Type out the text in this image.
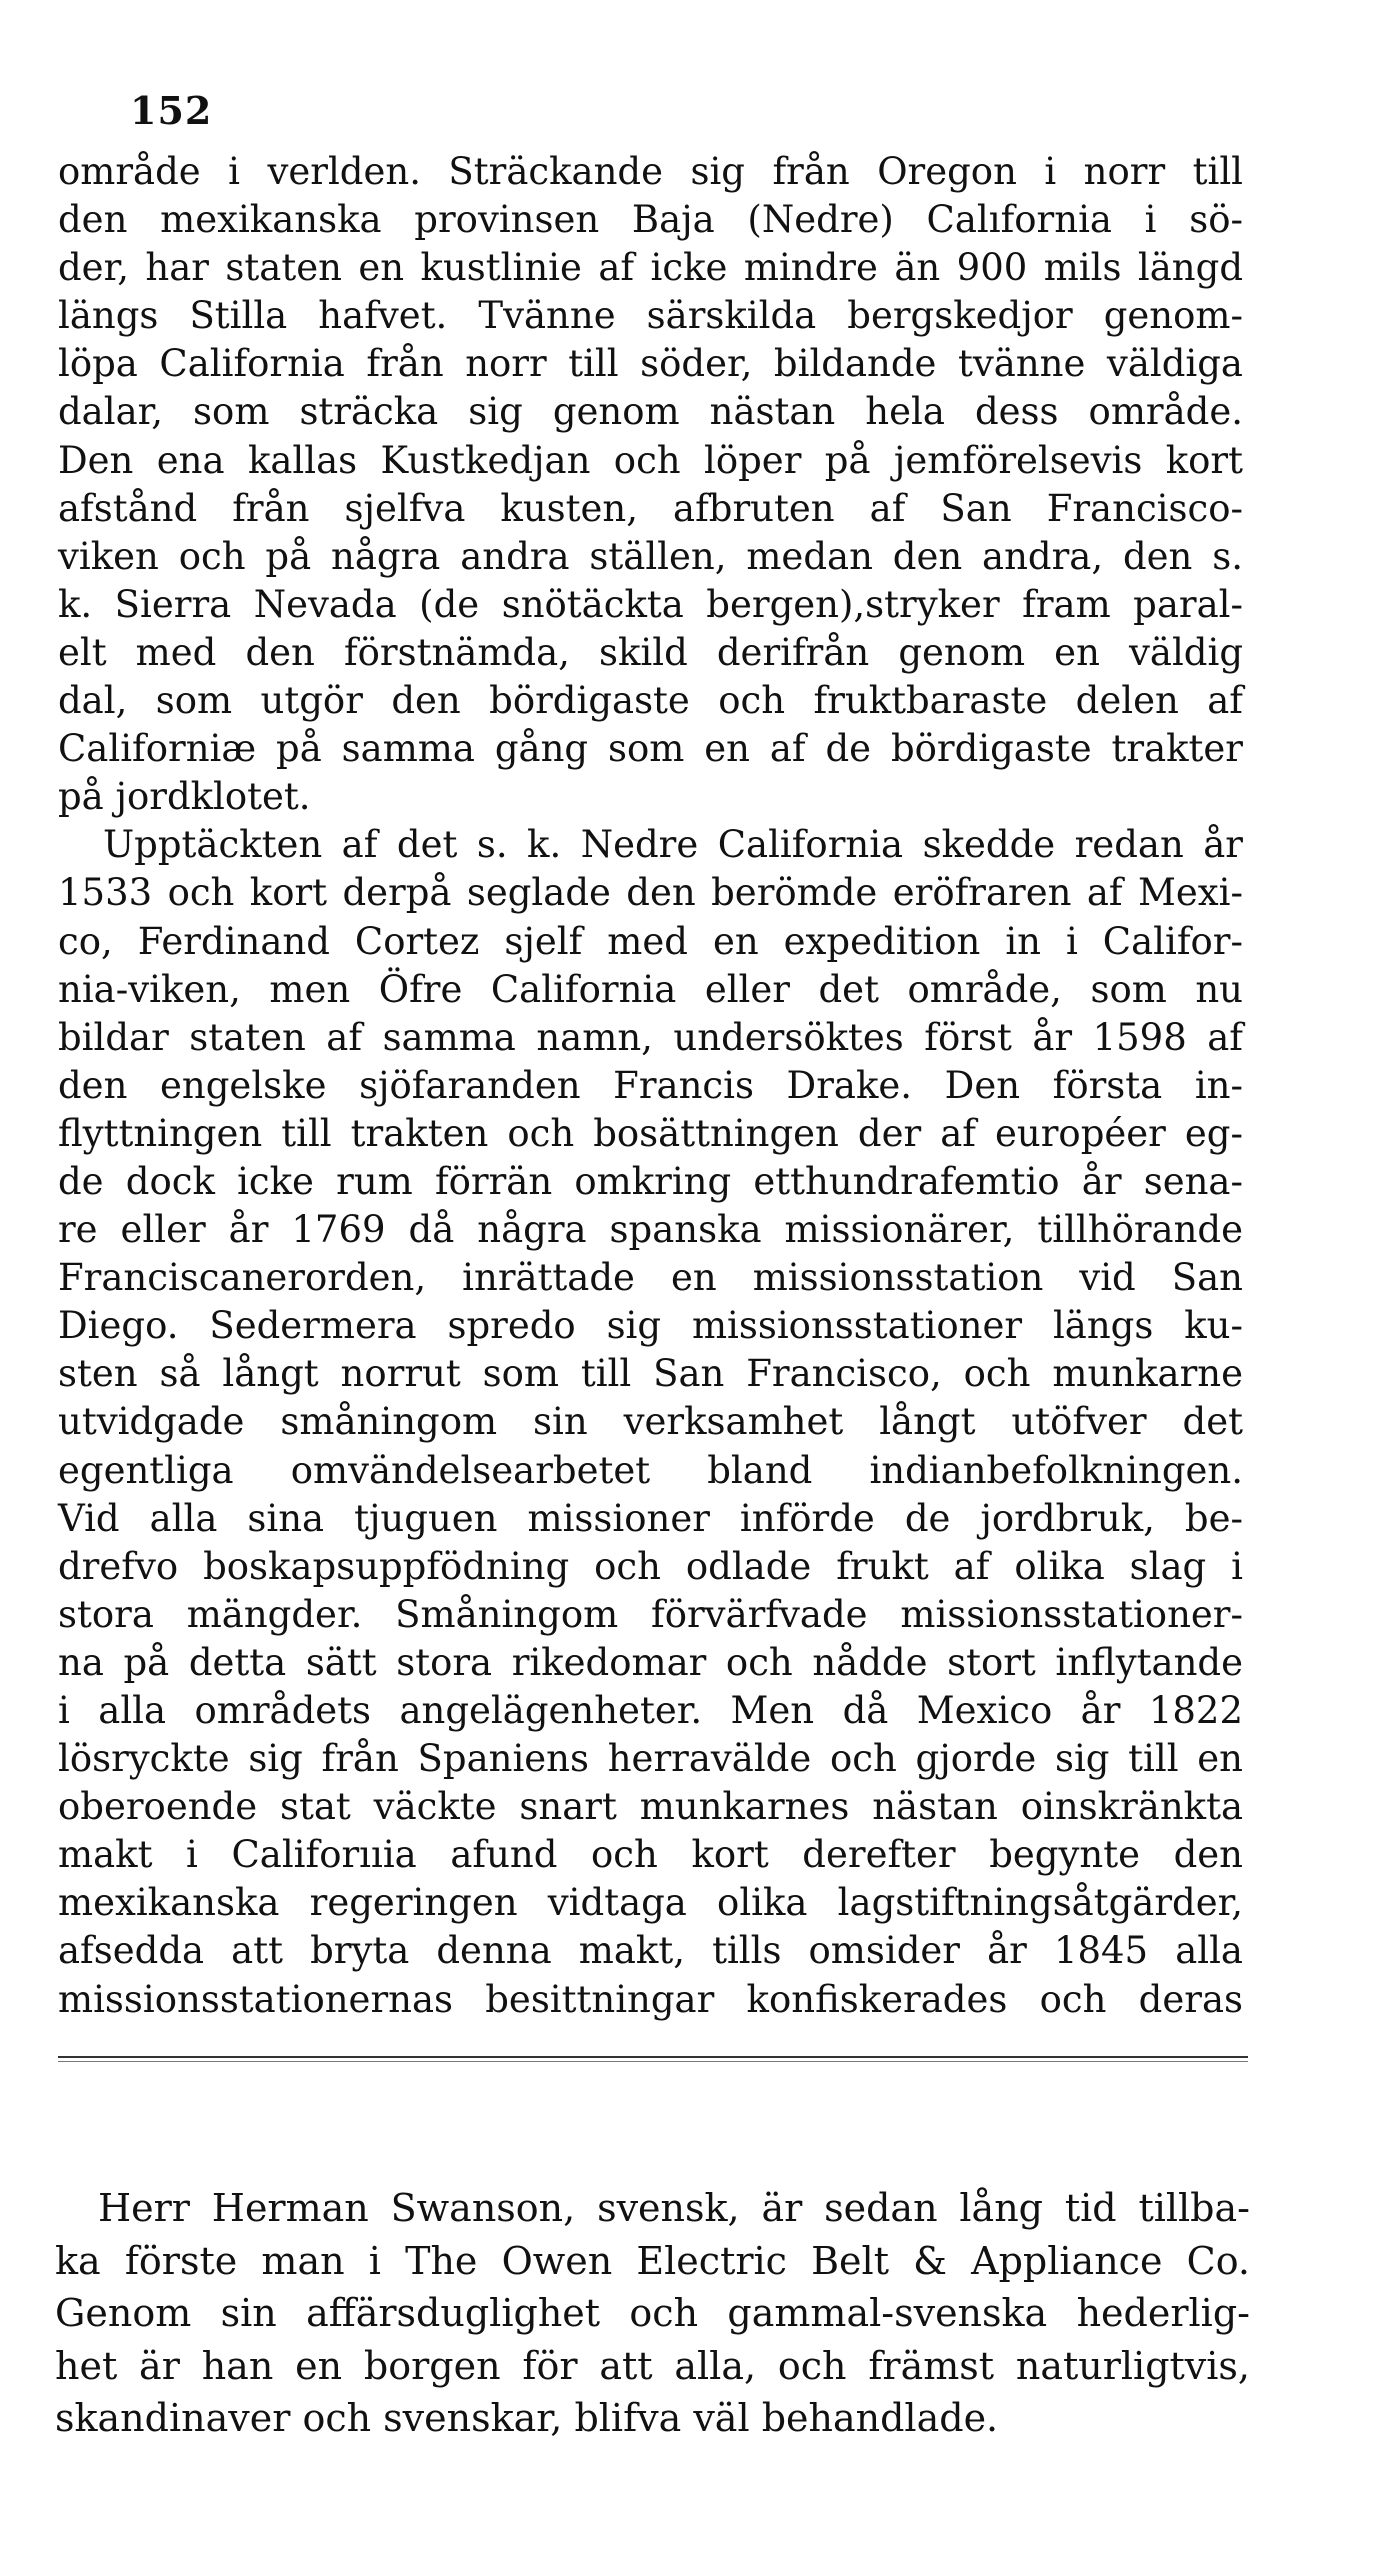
152
område i verlden. Sträckande sig från Oregon i norr till
den mexikanska provinsen Baja (Nedre) Calıfornia i sö-
der, har staten en kustlinie af icke mindre än 900 mils längd
längs Stilla hafvet. Tvänne särskilda bergskedjor genom-
löpa California från norr till söder, bildande tvänne väldiga
dalar, som sträcka sig genom nästan hela dess område.
Den ena kallas Kustkedjan och löper på jemförelsevis kort
afstånd från sjelfva kusten, afbruten af San Francisco-
viken och på några andra ställen, medan den andra, den s.
k. Sierra Nevada (de snötäckta bergen),stryker fram paral-
elt med den förstnämda, skild derifrån genom en väldig
dal, som utgör den bördigaste och fruktbaraste delen af
Californiæ på samma gång som en af de bördigaste trakter
på jordklotet.
Upptäckten af det s. k. Nedre California skedde redan år
1533 och kort derpå seglade den berömde eröfraren af Mexi-
co, Ferdinand Cortez sjelf med en expedition in i Califor-
nia-viken, men Öfre California eller det område, som nu
bildar staten af samma namn, undersöktes först år 1598 af
den engelske sjöfaranden Francis Drake. Den första in-
flyttningen till trakten och bosättningen der af européer eg-
de dock icke rum förrän omkring etthundrafemtio år sena-
re eller år 1769 då några spanska missionärer, tillhörande
Franciscanerorden, inrättade en missionsstation vid San
Diego. Sedermera spredo sig missionsstationer längs ku-
sten så långt norrut som till San Francisco, och munkarne
utvidgade småningom sin verksamhet långt utöfver det
egentliga omvändelsearbetet bland indianbefolkningen.
Vid alla sina tjuguen missioner införde de jordbruk, be-
drefvo boskapsuppfödning och odlade frukt af olika slag i
stora mängder. Småningom förvärfvade missionsstationer-
na på detta sätt stora rikedomar och nådde stort inflytande
i alla områdets angelägenheter. Men då Mexico år 1822
lösryckte sig från Spaniens herravälde och gjorde sig till en
oberoende stat väckte snart munkarnes nästan oinskränkta
makt i Califorııia afund och kort derefter begynte den
mexikanska regeringen vidtaga olika lagstiftningsåtgärder,
afsedda att bryta denna makt, tills omsider år 1845 alla
missionsstationernas besittningar konfiskerades och deras
Herr Herman Swanson, svensk, är sedan lång tid tillba-
ka förste man i The Owen Electric Belt & Appliance Co.
Genom sin affärsduglighet och gammal-svenska hederlig-
het är han en borgen för att alla, och främst naturligtvis,
skandinaver och svenskar, blifva väl behandlade.
